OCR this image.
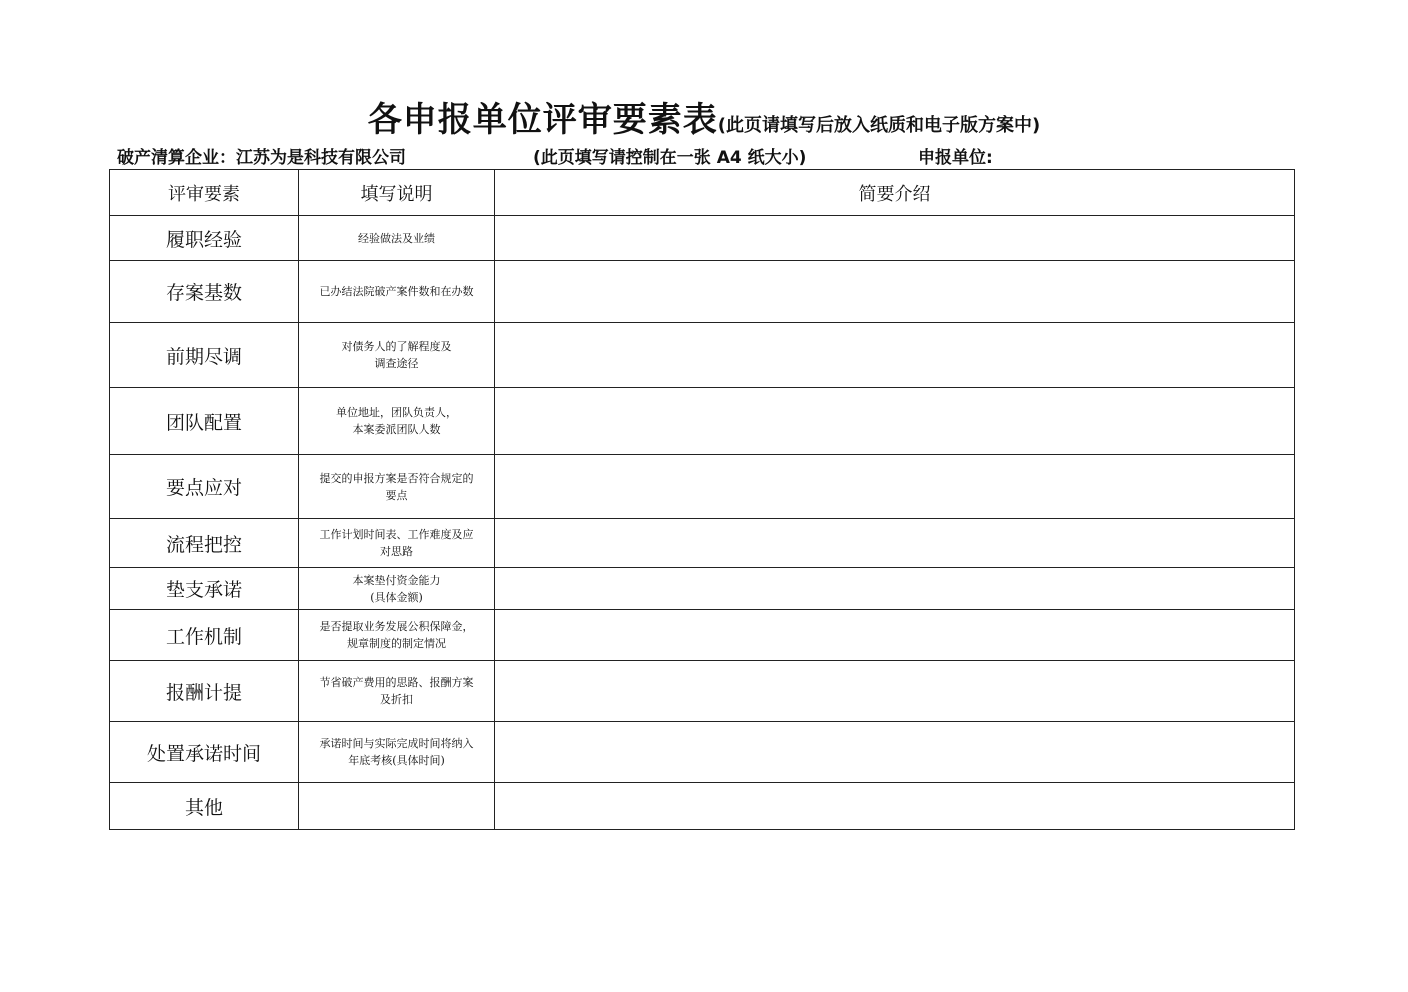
各申报单位评审要素表(此页请填写后放入纸质和电子版方案中)
破产清算企业：江苏为是科技有限公司	(此页填写请控制在一张 A4 纸大小)	申报单位:
评审要素	填写说明	简要介绍
履职经验	经验做法及业绩	

存案基数	已办结法院破产案件数和在办数	

前期尽调	对债务人的了解程度及
调查途径	

团队配置	单位地址，团队负责人，
本案委派团队人数	

要点应对	提交的申报方案是否符合规定的
要点	

流程把控	工作计划时间表、工作难度及应
对思路	

垫支承诺	本案垫付资金能力
(具体金额)	

工作机制	是否提取业务发展公积保障金，
规章制度的制定情况	

报酬计提	节省破产费用的思路、报酬方案
及折扣	

处置承诺时间	承诺时间与实际完成时间将纳入
年底考核(具体时间)	

其他		
